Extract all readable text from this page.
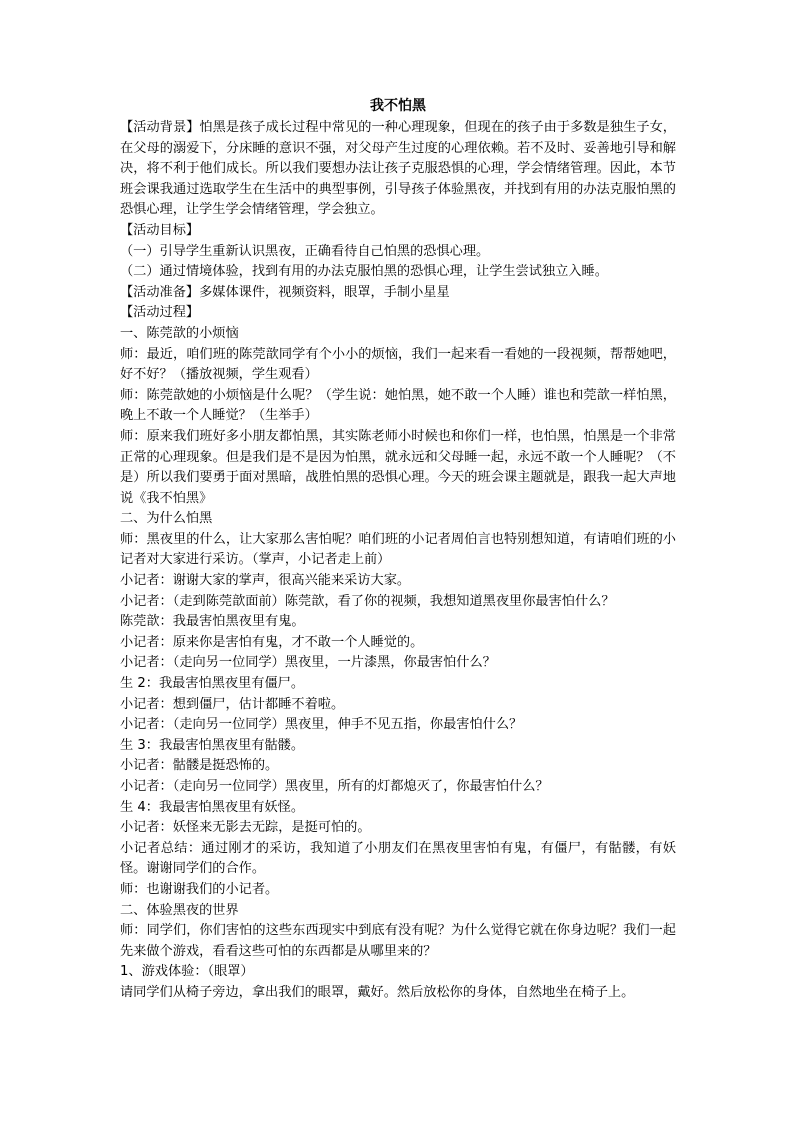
我不怕黑

【活动背景】怕黑是孩子成长过程中常见的一种心理现象，但现在的孩子由于多数是独生子女，在父母的溺爱下，分床睡的意识不强，对父母产生过度的心理依赖。若不及时、妥善地引导和解决，将不利于他们成长。所以我们要想办法让孩子克服恐惧的心理，学会情绪管理。因此，本节班会课我通过选取学生在生活中的典型事例，引导孩子体验黑夜，并找到有用的办法克服怕黑的恐惧心理，让学生学会情绪管理，学会独立。

【活动目标】

（一）引导学生重新认识黑夜，正确看待自己怕黑的恐惧心理。

（二）通过情境体验，找到有用的办法克服怕黑的恐惧心理，让学生尝试独立入睡。

【活动准备】多媒体课件，视频资料，眼罩，手制小星星

【活动过程】

一、陈莞歆的小烦恼

师：最近，咱们班的陈莞歆同学有个小小的烦恼，我们一起来看一看她的一段视频，帮帮她吧，好不好？（播放视频，学生观看）

师：陈莞歆她的小烦恼是什么呢？（学生说：她怕黑，她不敢一个人睡）谁也和莞歆一样怕黑，晚上不敢一个人睡觉？（生举手）

师：原来我们班好多小朋友都怕黑，其实陈老师小时候也和你们一样，也怕黑，怕黑是一个非常正常的心理现象。但是我们是不是因为怕黑，就永远和父母睡一起，永远不敢一个人睡呢？（不是）所以我们要勇于面对黑暗，战胜怕黑的恐惧心理。今天的班会课主题就是，跟我一起大声地说《我不怕黑》

二、为什么怕黑

师：黑夜里的什么，让大家那么害怕呢？咱们班的小记者周伯言也特别想知道，有请咱们班的小记者对大家进行采访。（掌声，小记者走上前）

小记者：谢谢大家的掌声，很高兴能来采访大家。

小记者：（走到陈莞歆面前）陈莞歆，看了你的视频，我想知道黑夜里你最害怕什么？

陈莞歆：我最害怕黑夜里有鬼。

小记者：原来你是害怕有鬼，才不敢一个人睡觉的。

小记者：（走向另一位同学）黑夜里，一片漆黑，你最害怕什么？

生 2：我最害怕黑夜里有僵尸。

小记者：想到僵尸，估计都睡不着啦。

小记者：（走向另一位同学）黑夜里，伸手不见五指，你最害怕什么？

生 3：我最害怕黑夜里有骷髅。

小记者：骷髅是挺恐怖的。

小记者：（走向另一位同学）黑夜里，所有的灯都熄灭了，你最害怕什么？

生 4：我最害怕黑夜里有妖怪。

小记者：妖怪来无影去无踪，是挺可怕的。

小记者总结：通过刚才的采访，我知道了小朋友们在黑夜里害怕有鬼，有僵尸，有骷髅，有妖怪。谢谢同学们的合作。

师：也谢谢我们的小记者。

二、体验黑夜的世界

师：同学们，你们害怕的这些东西现实中到底有没有呢？为什么觉得它就在你身边呢？我们一起先来做个游戏，看看这些可怕的东西都是从哪里来的？

1、游戏体验：（眼罩）

请同学们从椅子旁边，拿出我们的眼罩，戴好。然后放松你的身体，自然地坐在椅子上。
